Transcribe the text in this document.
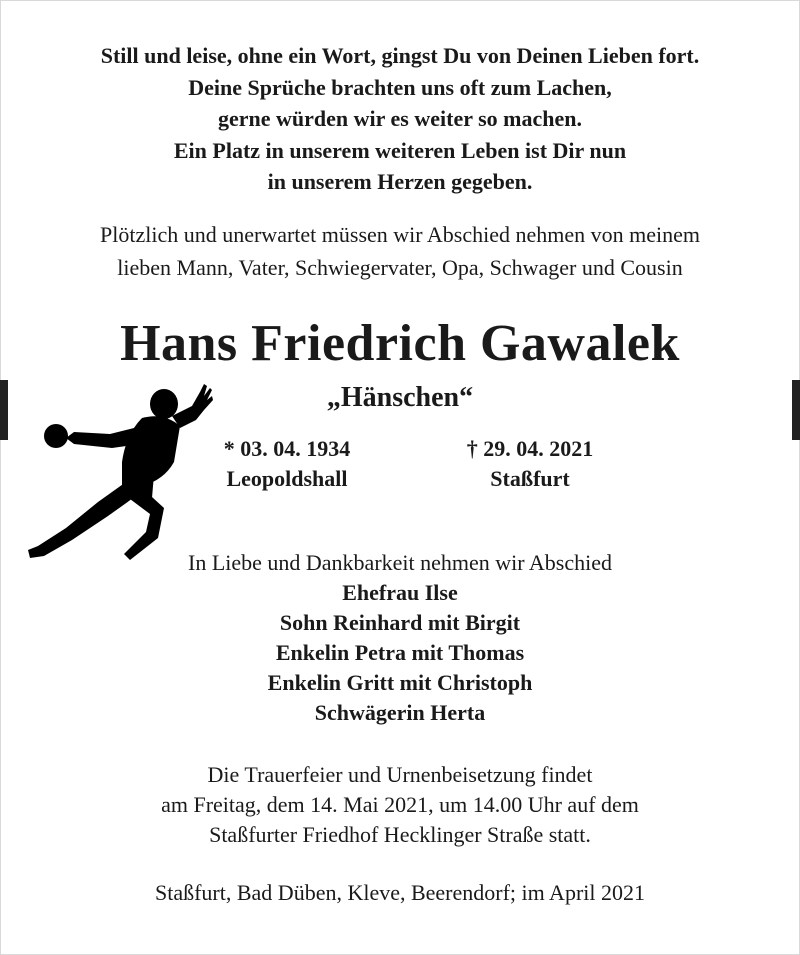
Still und leise, ohne ein Wort, gingst Du von Deinen Lieben fort.
Deine Sprüche brachten uns oft zum Lachen,
gerne würden wir es weiter so machen.
Ein Platz in unserem weiteren Leben ist Dir nun
in unserem Herzen gegeben.
Plötzlich und unerwartet müssen wir Abschied nehmen von meinem
lieben Mann, Vater, Schwiegervater, Opa, Schwager und Cousin
Hans Friedrich Gawalek
„Hänschen“
* 03. 04. 1934
Leopoldshall
† 29. 04. 2021
Staßfurt
In Liebe und Dankbarkeit nehmen wir Abschied
Ehefrau Ilse
Sohn Reinhard mit Birgit
Enkelin Petra mit Thomas
Enkelin Gritt mit Christoph
Schwägerin Herta
Die Trauerfeier und Urnenbeisetzung findet
am Freitag, dem 14. Mai 2021, um 14.00 Uhr auf dem
Staßfurter Friedhof Hecklinger Straße statt.
Staßfurt, Bad Düben, Kleve, Beerendorf; im April 2021
